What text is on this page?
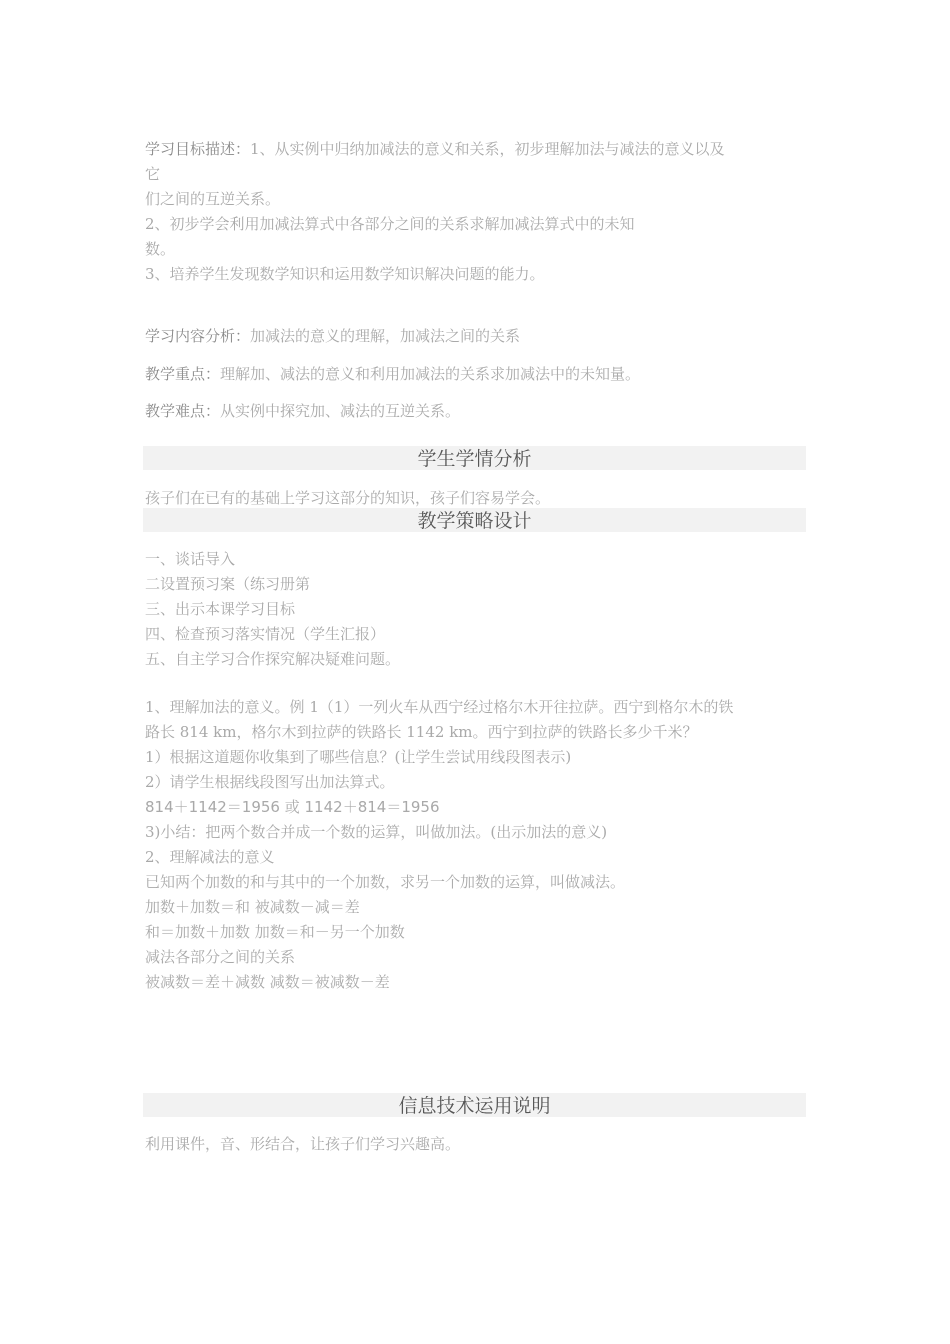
学习目标描述：1、从实例中归纳加减法的意义和关系，初步理解加法与减法的意义以及
它
们之间的互逆关系。
2、初步学会利用加减法算式中各部分之间的关系求解加减法算式中的未知
数。
3、培养学生发现数学知识和运用数学知识解决问题的能力。
学习内容分析：加减法的意义的理解，加减法之间的关系
教学重点：理解加、减法的意义和利用加减法的关系求加减法中的未知量。
教学难点：从实例中探究加、减法的互逆关系。
学生学情分析
孩子们在已有的基础上学习这部分的知识，孩子们容易学会。
教学策略设计
一、谈话导入
二设置预习案（练习册第
三、出示本课学习目标
四、检查预习落实情况（学生汇报）
五、自主学习合作探究解决疑难问题。
1、理解加法的意义。例 1（1）一列火车从西宁经过格尔木开往拉萨。西宁到格尔木的铁
路长 814 km，格尔木到拉萨的铁路长 1142 km。西宁到拉萨的铁路长多少千米？
1）根据这道题你收集到了哪些信息？(让学生尝试用线段图表示)
2）请学生根据线段图写出加法算式。
814＋1142＝1956 或 1142＋814＝1956
3)小结：把两个数合并成一个数的运算，叫做加法。(出示加法的意义)
2、理解减法的意义
已知两个加数的和与其中的一个加数，求另一个加数的运算，叫做减法。
加数＋加数＝和 被减数－减＝差
和＝加数＋加数 加数＝和－另一个加数
减法各部分之间的关系
被减数＝差＋减数 减数＝被减数－差
信息技术运用说明
利用课件，音、形结合，让孩子们学习兴趣高。
